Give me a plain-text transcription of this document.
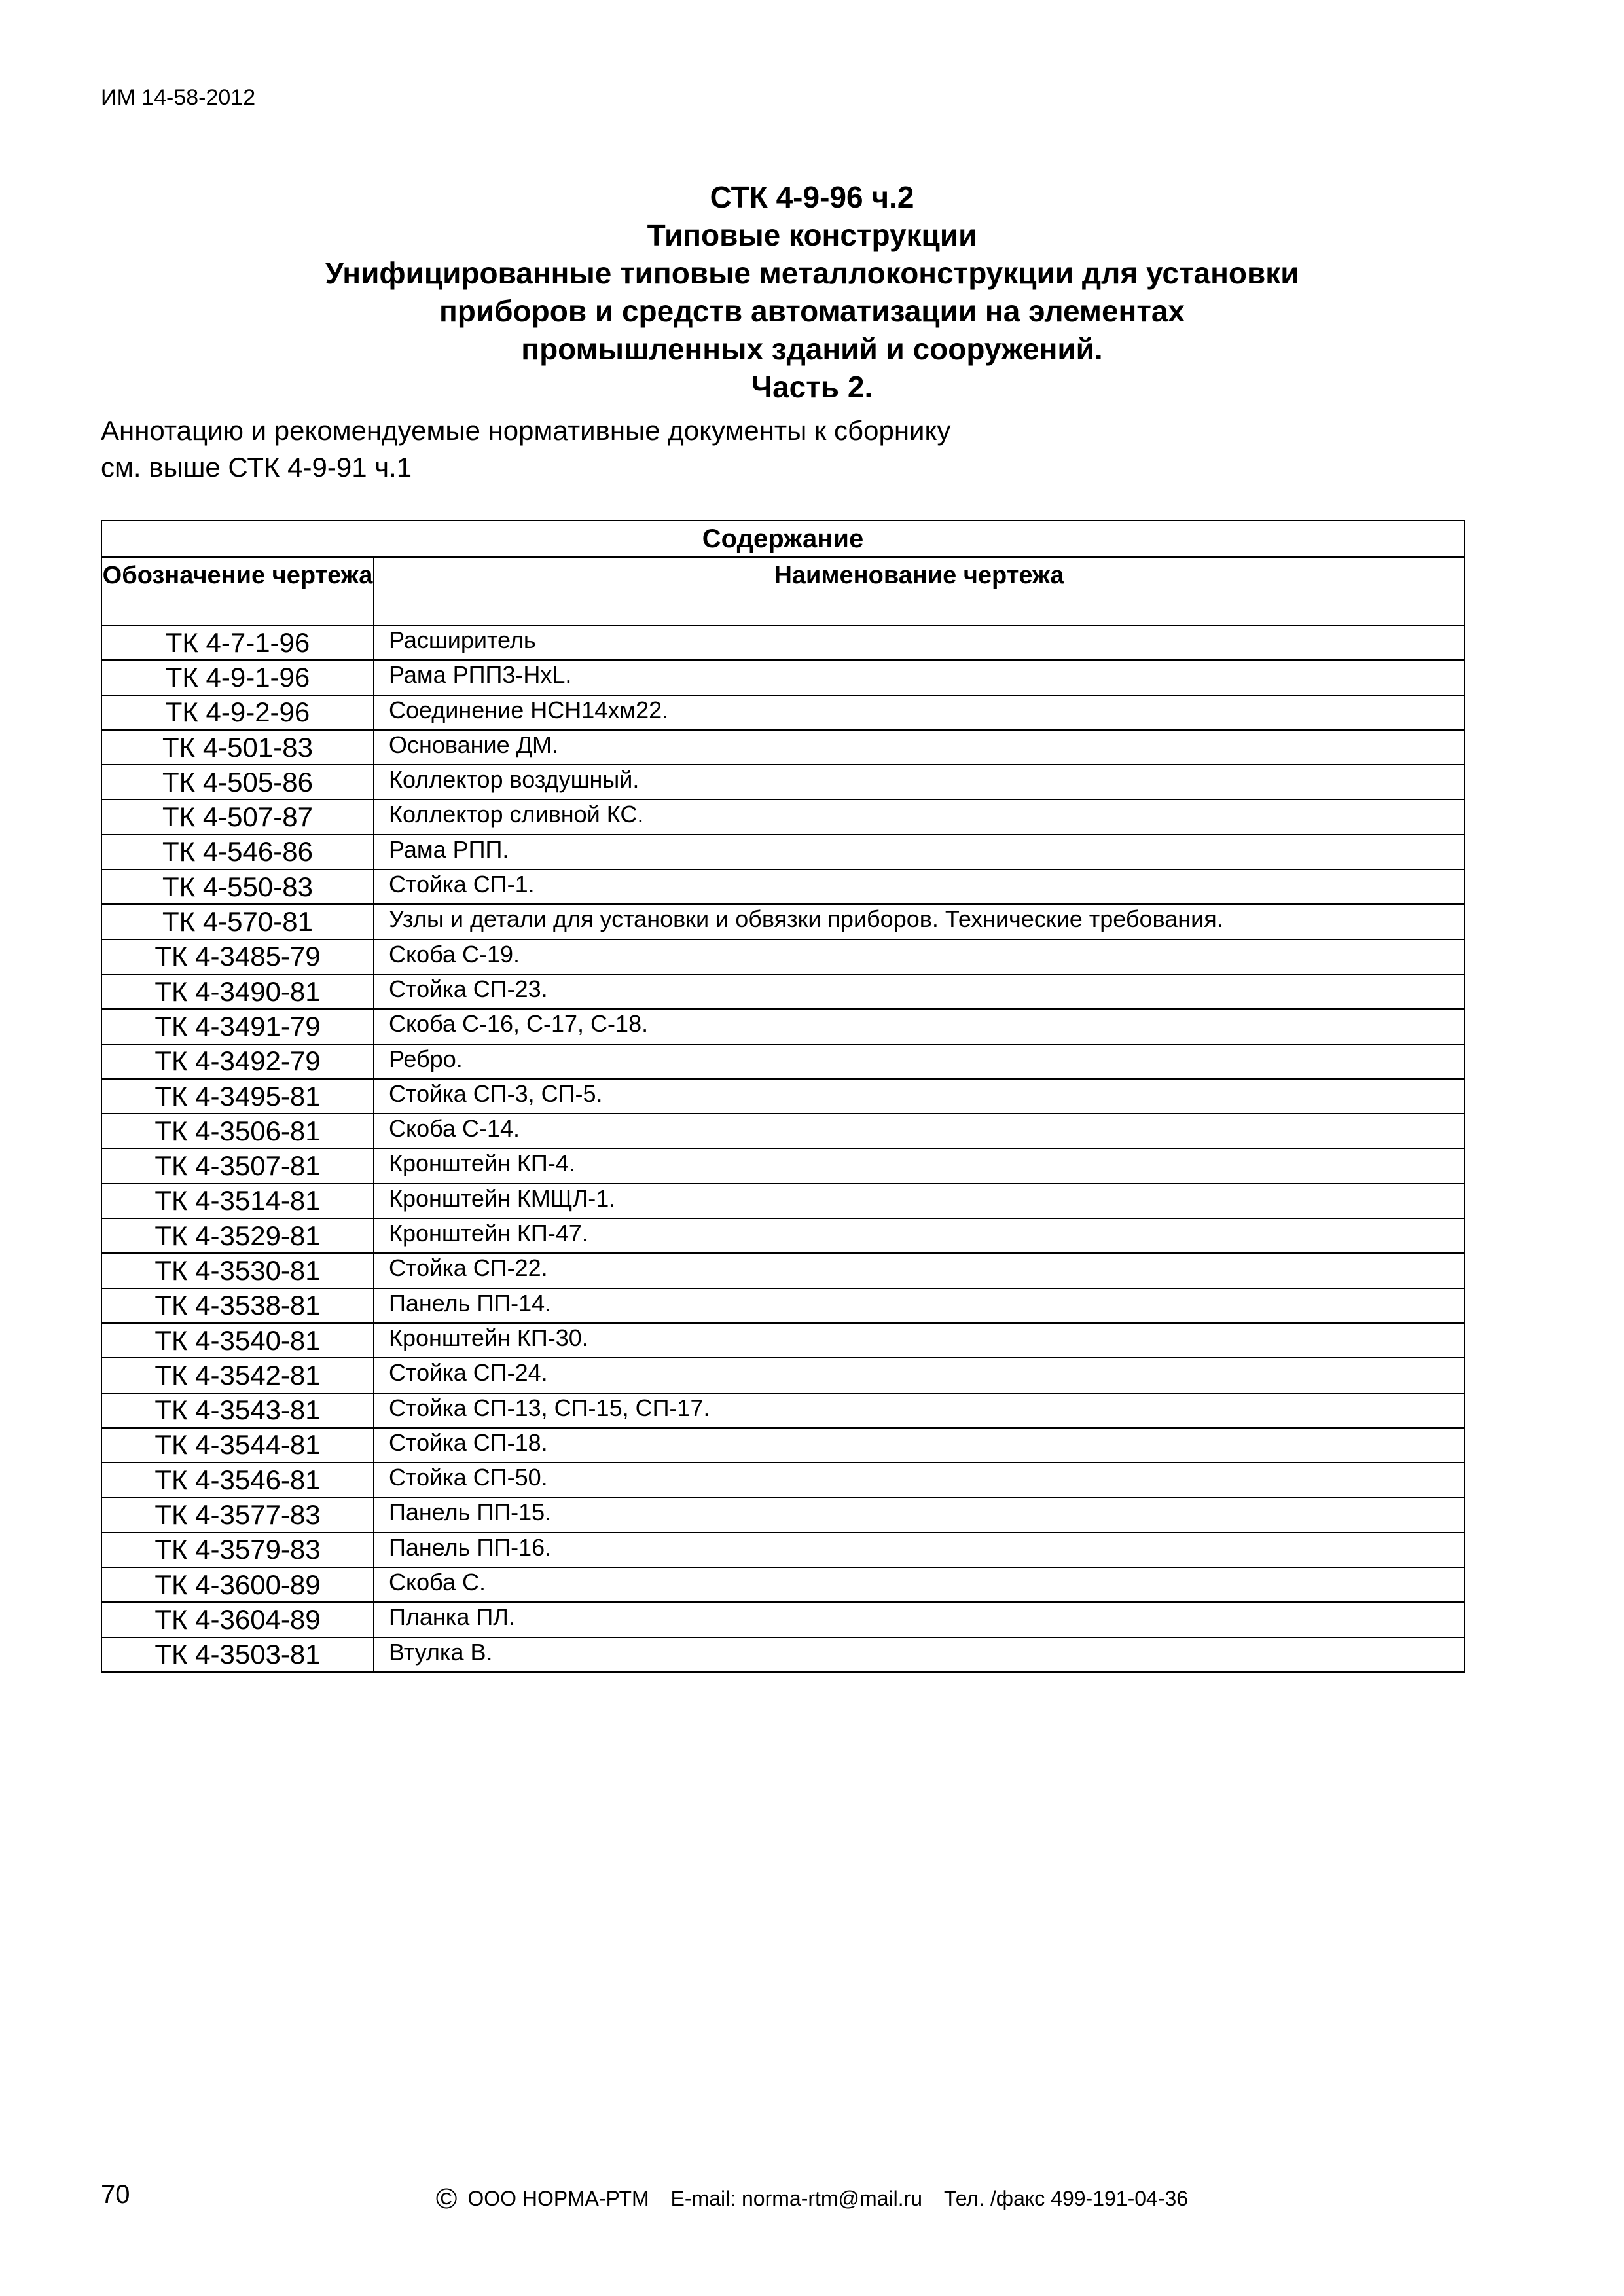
ИМ 14-58-2012

СТК 4-9-96 ч.2

Типовые конструкции

Унифицированные типовые металлоконструкции для установки

приборов и средств автоматизации на элементах

промышленных зданий и сооружений.

Часть 2.

Аннотацию и рекомендуемые нормативные документы к сборнику
см. выше СТК 4-9-91 ч.1
Содержание	
Обозначение чертежа	Наименование чертежа
ТК 4-7-1-96	Расширитель
ТК 4-9-1-96	Рама РПП3-НxL.
ТК 4-9-2-96	Соединение НСН14хм22.
ТК 4-501-83	Основание ДМ.
ТК 4-505-86	Коллектор воздушный.
ТК 4-507-87	Коллектор сливной КС.
ТК 4-546-86	Рама РПП.
ТК 4-550-83	Стойка СП-1.
ТК 4-570-81	Узлы и детали для установки и обвязки приборов. Технические требования.
ТК 4-3485-79	Скоба С-19.
ТК 4-3490-81	Стойка СП-23.
ТК 4-3491-79	Скоба С-16, С-17, С-18.
ТК 4-3492-79	Ребро.
ТК 4-3495-81	Стойка СП-3, СП-5.
ТК 4-3506-81	Скоба С-14.
ТК 4-3507-81	Кронштейн КП-4.
ТК 4-3514-81	Кронштейн КМЩЛ-1.
ТК 4-3529-81	Кронштейн КП-47.
ТК 4-3530-81	Стойка СП-22.
ТК 4-3538-81	Панель ПП-14.
ТК 4-3540-81	Кронштейн КП-30.
ТК 4-3542-81	Стойка СП-24.
ТК 4-3543-81	Стойка СП-13, СП-15, СП-17.
ТК 4-3544-81	Стойка СП-18.
ТК 4-3546-81	Стойка СП-50.
ТК 4-3577-83	Панель ПП-15.
ТК 4-3579-83	Панель ПП-16.
ТК 4-3600-89	Скоба С.
ТК 4-3604-89	Планка ПЛ.
ТК 4-3503-81	Втулка В.
70	© ООО НОРМА-РТМ E-mail: norma-rtm@mail.ru Тел. /факс 499-191-04-36
